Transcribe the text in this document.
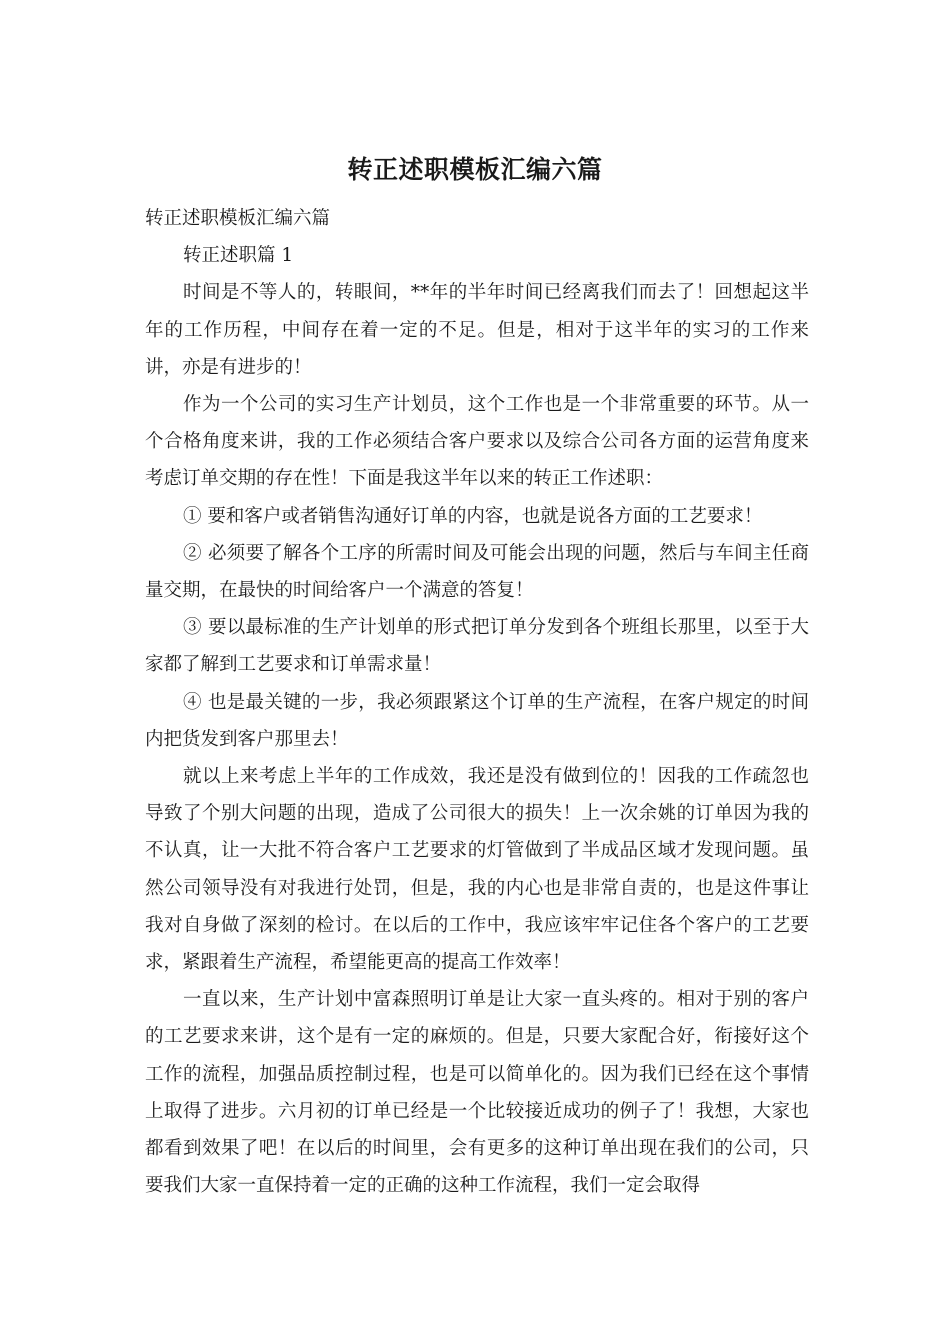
转正述职模板汇编六篇

转正述职模板汇编六篇

转正述职篇 1

时间是不等人的，转眼间，**年的半年时间已经离我们而去了！回想起这半年的工作历程，中间存在着一定的不足。但是，相对于这半年的实习的工作来讲，亦是有进步的！

作为一个公司的实习生产计划员，这个工作也是一个非常重要的环节。从一个合格角度来讲，我的工作必须结合客户要求以及综合公司各方面的运营角度来考虑订单交期的存在性！下面是我这半年以来的转正工作述职：

① 要和客户或者销售沟通好订单的内容，也就是说各方面的工艺要求！

② 必须要了解各个工序的所需时间及可能会出现的问题，然后与车间主任商量交期，在最快的时间给客户一个满意的答复！

③ 要以最标准的生产计划单的形式把订单分发到各个班组长那里，以至于大家都了解到工艺要求和订单需求量！

④ 也是最关键的一步，我必须跟紧这个订单的生产流程，在客户规定的时间内把货发到客户那里去！

就以上来考虑上半年的工作成效，我还是没有做到位的！因我的工作疏忽也导致了个别大问题的出现，造成了公司很大的损失！上一次余姚的订单因为我的不认真，让一大批不符合客户工艺要求的灯管做到了半成品区域才发现问题。虽然公司领导没有对我进行处罚，但是，我的内心也是非常自责的，也是这件事让我对自身做了深刻的检讨。在以后的工作中，我应该牢牢记住各个客户的工艺要求，紧跟着生产流程，希望能更高的提高工作效率！

一直以来，生产计划中富森照明订单是让大家一直头疼的。相对于别的客户的工艺要求来讲，这个是有一定的麻烦的。但是，只要大家配合好，衔接好这个工作的流程，加强品质控制过程，也是可以简单化的。因为我们已经在这个事情上取得了进步。六月初的订单已经是一个比较接近成功的例子了！我想，大家也都看到效果了吧！在以后的时间里，会有更多的这种订单出现在我们的公司，只要我们大家一直保持着一定的正确的这种工作流程，我们一定会取得
